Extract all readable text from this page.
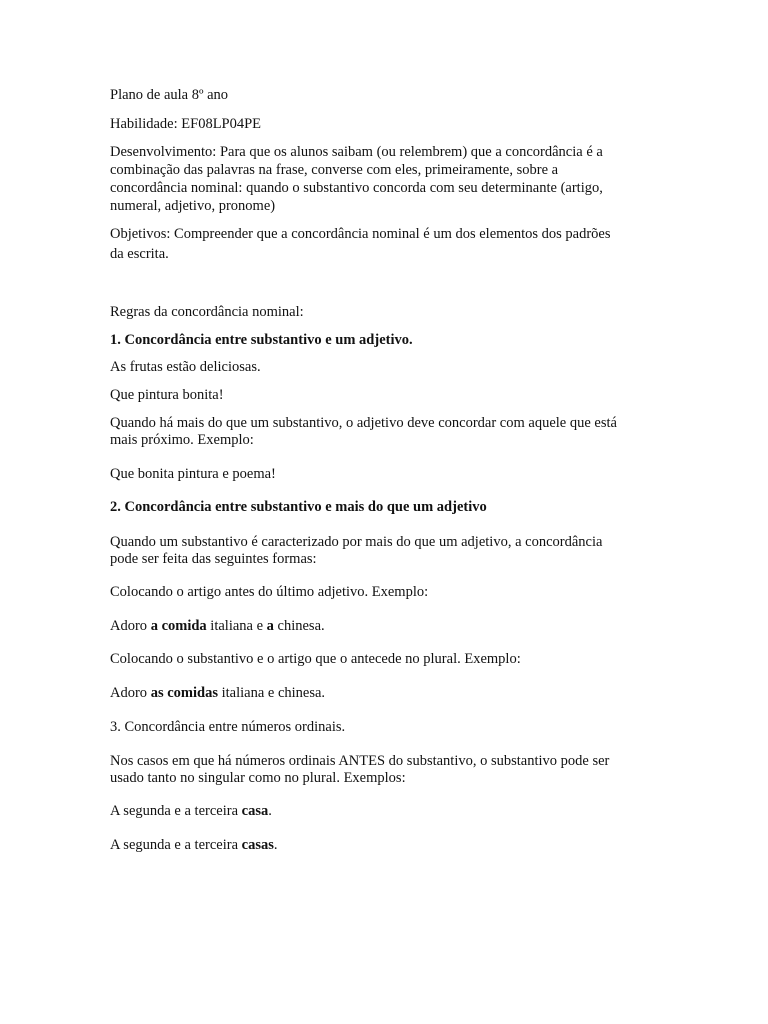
Plano de aula 8º ano
Habilidade: EF08LP04PE
Desenvolvimento: Para que os alunos saibam (ou relembrem) que a concordância é a
combinação das palavras na frase, converse com eles, primeiramente, sobre a
concordância nominal: quando o substantivo concorda com seu determinante (artigo,
numeral, adjetivo, pronome)
Objetivos: Compreender que a concordância nominal é um dos elementos dos padrões
da escrita.
Regras da concordância nominal:
1. Concordância entre substantivo e um adjetivo.
As frutas estão deliciosas.
Que pintura bonita!
Quando há mais do que um substantivo, o adjetivo deve concordar com aquele que está
mais próximo. Exemplo:
Que bonita pintura e poema!
2. Concordância entre substantivo e mais do que um adjetivo
Quando um substantivo é caracterizado por mais do que um adjetivo, a concordância
pode ser feita das seguintes formas:
Colocando o artigo antes do último adjetivo. Exemplo:
Adoro a comida italiana e a chinesa.
Colocando o substantivo e o artigo que o antecede no plural. Exemplo:
Adoro as comidas italiana e chinesa.
3. Concordância entre números ordinais.
Nos casos em que há números ordinais ANTES do substantivo, o substantivo pode ser
usado tanto no singular como no plural. Exemplos:
A segunda e a terceira casa.
A segunda e a terceira casas.
